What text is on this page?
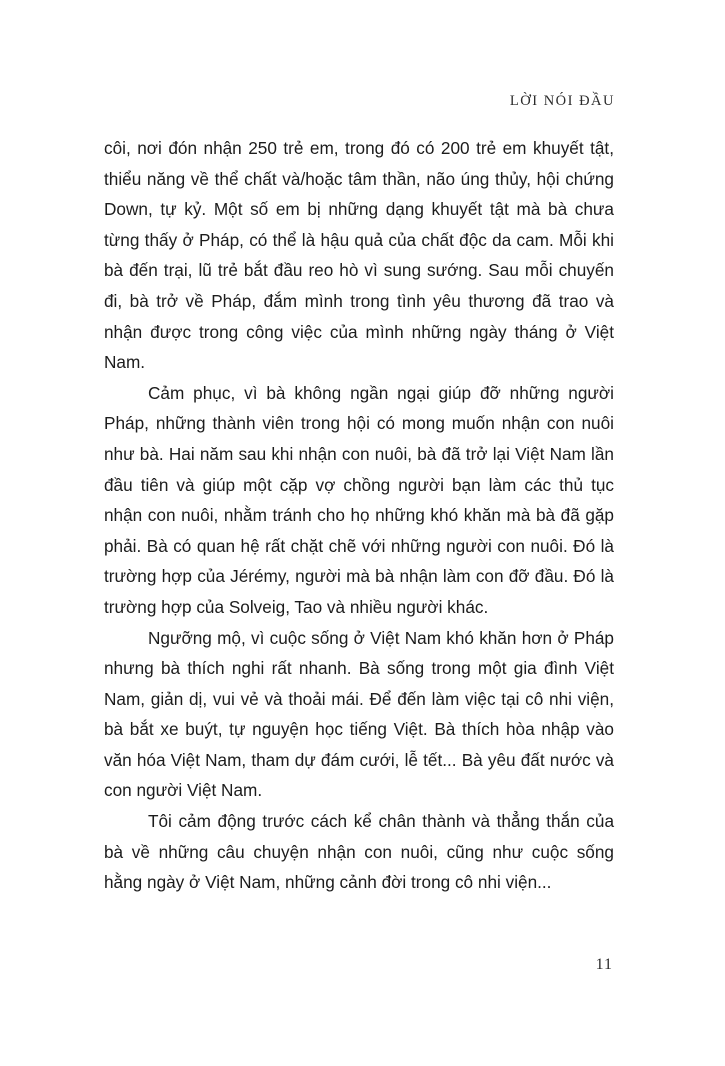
LỜI NÓI ĐẦU

côi, nơi đón nhận 250 trẻ em, trong đó có 200 trẻ em khuyết tật, thiểu năng về thể chất và/hoặc tâm thần, não úng thủy, hội chứng Down, tự kỷ. Một số em bị những dạng khuyết tật mà bà chưa từng thấy ở Pháp, có thể là hậu quả của chất độc da cam. Mỗi khi bà đến trại, lũ trẻ bắt đầu reo hò vì sung sướng. Sau mỗi chuyến đi, bà trở về Pháp, đắm mình trong tình yêu thương đã trao và nhận được trong công việc của mình những ngày tháng ở Việt Nam.

Cảm phục, vì bà không ngần ngại giúp đỡ những người Pháp, những thành viên trong hội có mong muốn nhận con nuôi như bà. Hai năm sau khi nhận con nuôi, bà đã trở lại Việt Nam lần đầu tiên và giúp một cặp vợ chồng người bạn làm các thủ tục nhận con nuôi, nhằm tránh cho họ những khó khăn mà bà đã gặp phải. Bà có quan hệ rất chặt chẽ với những người con nuôi. Đó là trường hợp của Jérémy, người mà bà nhận làm con đỡ đầu. Đó là trường hợp của Solveig, Tao và nhiều người khác.

Ngưỡng mộ, vì cuộc sống ở Việt Nam khó khăn hơn ở Pháp nhưng bà thích nghi rất nhanh. Bà sống trong một gia đình Việt Nam, giản dị, vui vẻ và thoải mái. Để đến làm việc tại cô nhi viện, bà bắt xe buýt, tự nguyện học tiếng Việt. Bà thích hòa nhập vào văn hóa Việt Nam, tham dự đám cưới, lễ tết... Bà yêu đất nước và con người Việt Nam.

Tôi cảm động trước cách kể chân thành và thẳng thắn của bà về những câu chuyện nhận con nuôi, cũng như cuộc sống hằng ngày ở Việt Nam, những cảnh đời trong cô nhi viện...

11
